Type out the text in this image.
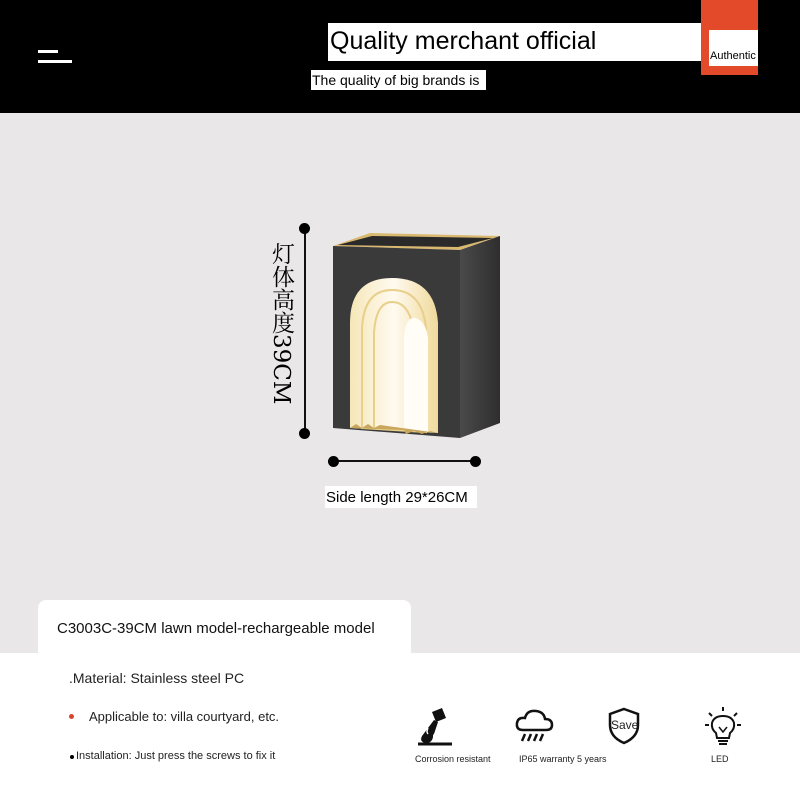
Quality merchant official
Authentic
The quality of big brands is
灯体高度39CM
Side length 29*26CM
C3003C-39CM lawn model-rechargeable model
.Material: Stainless steel PC
Applicable to: villa courtyard, etc.
Installation: Just press the screws to fix it	Corrosion resistant	IP65 warranty 5 years
Save
LED
